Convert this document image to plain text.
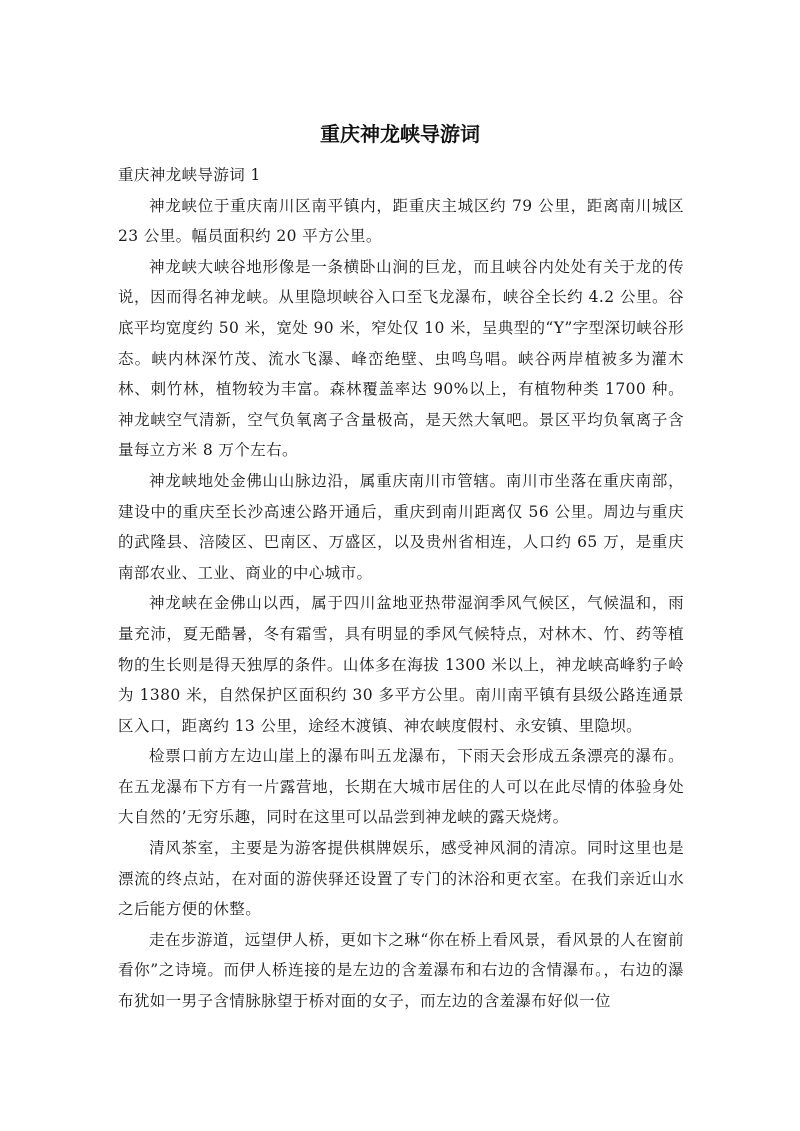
重庆神龙峡导游词

重庆神龙峡导游词 1

神龙峡位于重庆南川区南平镇内，距重庆主城区约 79 公里，距离南川城区 23 公里。幅员面积约 20 平方公里。

神龙峡大峡谷地形像是一条横卧山涧的巨龙，而且峡谷内处处有关于龙的传说，因而得名神龙峡。从里隐坝峡谷入口至飞龙瀑布，峡谷全长约 4.2 公里。谷底平均宽度约 50 米，宽处 90 米，窄处仅 10 米，呈典型的“Y”字型深切峡谷形态。峡内林深竹茂、流水飞瀑、峰峦绝壁、虫鸣鸟唱。峡谷两岸植被多为灌木林、刺竹林，植物较为丰富。森林覆盖率达 90%以上，有植物种类 1700 种。神龙峡空气清新，空气负氧离子含量极高，是天然大氧吧。景区平均负氧离子含量每立方米 8 万个左右。

神龙峡地处金佛山山脉边沿，属重庆南川市管辖。南川市坐落在重庆南部，建设中的重庆至长沙高速公路开通后，重庆到南川距离仅 56 公里。周边与重庆的武隆县、涪陵区、巴南区、万盛区，以及贵州省相连，人口约 65 万，是重庆南部农业、工业、商业的中心城市。

神龙峡在金佛山以西，属于四川盆地亚热带湿润季风气候区，气候温和，雨量充沛，夏无酷暑，冬有霜雪，具有明显的季风气候特点，对林木、竹、药等植物的生长则是得天独厚的条件。山体多在海拔 1300 米以上，神龙峡高峰豹子岭为 1380 米，自然保护区面积约 30 多平方公里。南川南平镇有县级公路连通景区入口，距离约 13 公里，途经木渡镇、神农峡度假村、永安镇、里隐坝。

检票口前方左边山崖上的瀑布叫五龙瀑布，下雨天会形成五条漂亮的瀑布。在五龙瀑布下方有一片露营地，长期在大城市居住的人可以在此尽情的体验身处大自然的’无穷乐趣，同时在这里可以品尝到神龙峡的露天烧烤。

清风茶室，主要是为游客提供棋牌娱乐，感受神风洞的清凉。同时这里也是漂流的终点站，在对面的游侠驿还设置了专门的沐浴和更衣室。在我们亲近山水之后能方便的休整。

走在步游道，远望伊人桥，更如卞之琳“你在桥上看风景，看风景的人在窗前看你”之诗境。而伊人桥连接的是左边的含羞瀑布和右边的含情瀑布。，右边的瀑布犹如一男子含情脉脉望于桥对面的女子，而左边的含羞瀑布好似一位
